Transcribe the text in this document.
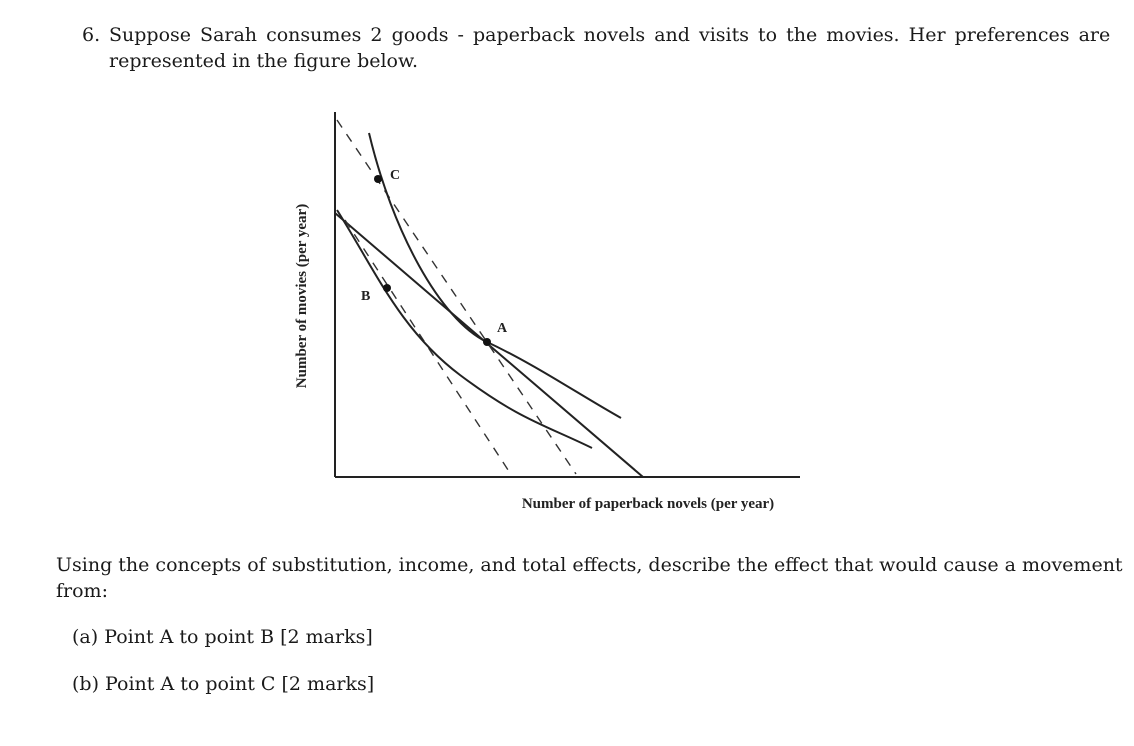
6. Suppose Sarah consumes 2 goods - paperback novels and visits to the movies. Her preferences are
represented in the figure below.
A
B
C
Number of movies (per year)
Number of paperback novels (per year)
Using the concepts of substitution, income, and total effects, describe the effect that would cause a movement
from:
(a) Point A to point B [2 marks]
(b) Point A to point C [2 marks]
